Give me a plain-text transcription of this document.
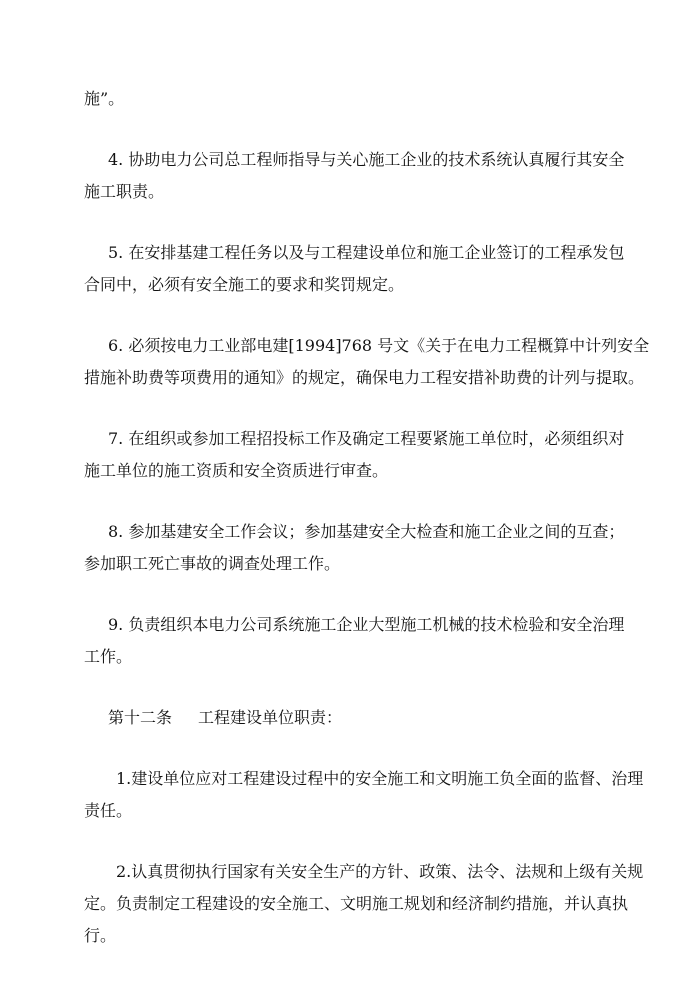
施”。

4. 协助电力公司总工程师指导与关心施工企业的技术系统认真履行其安全
施工职责。

5. 在安排基建工程任务以及与工程建设单位和施工企业签订的工程承发包
合同中，必须有安全施工的要求和奖罚规定。

6. 必须按电力工业部电建[1994]768 号文《关于在电力工程概算中计列安全
措施补助费等项费用的通知》的规定，确保电力工程安措补助费的计列与提取。

7. 在组织或参加工程招投标工作及确定工程要紧施工单位时，必须组织对
施工单位的施工资质和安全资质进行审查。

8. 参加基建安全工作会议；参加基建安全大检查和施工企业之间的互查；
参加职工死亡事故的调查处理工作。

9. 负责组织本电力公司系统施工企业大型施工机械的技术检验和安全治理
工作。

第十二条 工程建设单位职责：

1.建设单位应对工程建设过程中的安全施工和文明施工负全面的监督、治理
责任。

2.认真贯彻执行国家有关安全生产的方针、政策、法令、法规和上级有关规
定。负责制定工程建设的安全施工、文明施工规划和经济制约措施，并认真执
行。
